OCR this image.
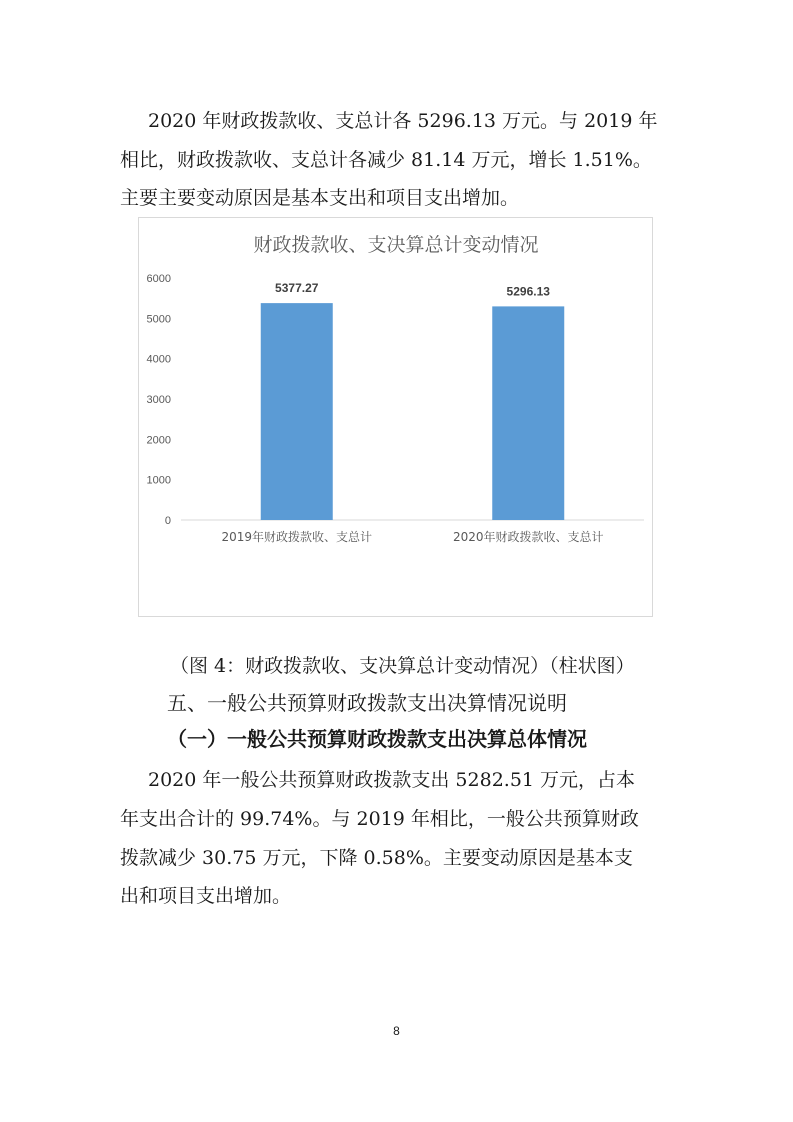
2020 年财政拨款收、支总计各 5296.13 万元。与 2019 年
相比，财政拨款收、支总计各减少 81.14 万元，增长 1.51%。
主要主要变动原因是基本支出和项目支出增加。
财政拨款收、支决算总计变动情况
0
1000
2000
3000
4000
5000
6000
5377.27	5296.13
2019年财政拨款收、支总计	2020年财政拨款收、支总计
（图 4：财政拨款收、支决算总计变动情况）（柱状图）
五、一般公共预算财政拨款支出决算情况说明
（一）一般公共预算财政拨款支出决算总体情况
2020 年一般公共预算财政拨款支出 5282.51 万元，占本
年支出合计的 99.74%。与 2019 年相比，一般公共预算财政
拨款减少 30.75 万元，下降 0.58%。主要变动原因是基本支
出和项目支出增加。
8
